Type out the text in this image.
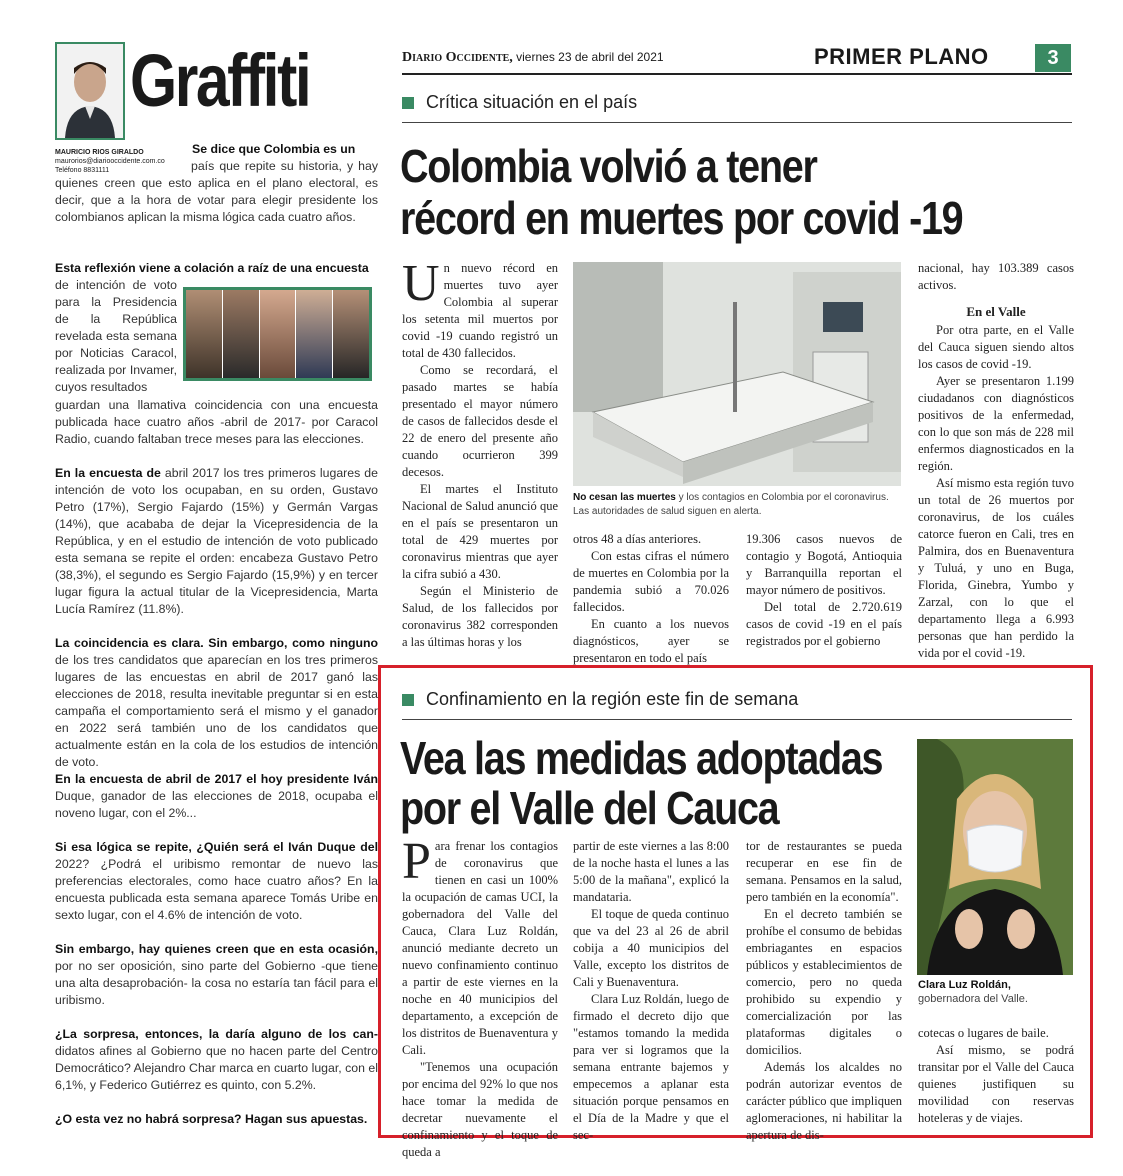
Graffiti
MAURICIO RIOS GIRALDO
maurorios@diariooccidente.com.co
Teléfono 8831111
Se dice que Colombia es un
país que repite su historia, y hay quienes creen que esto aplica en el plano electoral, es decir, que a la hora de votar para elegir presidente los colombianos aplican la misma lógica cada cuatro años.
Esta reflexión viene a colación a raíz de una encuesta
de intención de voto para la Presidencia de la República revelada esta semana por Noticias Caracol, realizada por Invamer, cuyos resultados
guardan una llamativa coincidencia con una encuesta publicada hace cuatro años -abril de 2017- por Caracol Radio, cuando faltaban trece meses para las elecciones.
En la encuesta de abril 2017 los tres primeros lugares de intención de voto los ocupaban, en su orden, Gustavo Petro (17%), Sergio Fajardo (15%) y Germán Vargas (14%), que acababa de dejar la Vicepresidencia de la República, y en el estudio de intención de voto publicado esta semana se repite el orden: encabeza Gustavo Petro (38,3%), el segundo es Sergio Fajardo (15,9%) y en tercer lugar figura la actual titular de la Vicepresidencia, Marta Lucía Ramírez (11.8%).
La coincidencia es clara. Sin embargo, como ninguno de los tres candidatos que aparecían en los tres primeros lugares de las encuestas en abril de 2017 ganó las elecciones de 2018, resulta inevitable preguntar si en esta campaña el comportamiento será el mismo y el ganador en 2022 será también uno de los candidatos que actualmente están en la cola de los estudios de intención de voto.
En la encuesta de abril de 2017 el hoy presidente Iván Duque, ganador de las elecciones de 2018, ocupaba el noveno lugar, con el 2%...
Si esa lógica se repite, ¿Quién será el Iván Duque del 2022? ¿Podrá el uribismo remontar de nuevo las preferencias electorales, como hace cuatro años? En la encuesta publicada esta semana aparece Tomás Uribe en sexto lugar, con el 4.6% de intención de voto.
Sin embargo, hay quienes creen que en esta ocasión, por no ser oposición, sino parte del Gobierno -que tiene una alta desaprobación- la cosa no estaría tan fácil para el uribismo.
¿La sorpresa, entonces, la daría alguno de los can- didatos afines al Gobierno que no hacen parte del Centro Democrático? Alejandro Char marca en cuarto lugar, con el 6,1%, y Federico Gutiérrez es quinto, con 5.2%.
¿O esta vez no habrá sorpresa? Hagan sus apuestas.
Diario Occidente, viernes 23 de abril del 2021	PRIMER PLANO	3
Crítica situación en el país
Colombia volvió a tener
récord en muertes por covid -19
Un nuevo récord en muertes tuvo ayer Colombia al superar los setenta mil muertos por covid -19 cuando registró un total de 430 fallecidos.

Como se recordará, el pasado martes se había presentado el mayor número de casos de fallecidos desde el 22 de enero del presente año cuando ocurrieron 399 decesos.

El martes el Instituto Nacional de Salud anunció que en el país se presentaron un total de 429 muertes por coronavirus mientras que ayer la cifra subió a 430.

Según el Ministerio de Salud, de los fallecidos por coronavirus 382 corresponden a las últimas horas y los

No cesan las muertes y los contagios en Colombia por el coronavirus. Las autoridades de salud siguen en alerta.

otros 48 a días anteriores.

Con estas cifras el número de muertes en Colombia por la pandemia subió a 70.026 fallecidos.

En cuanto a los nuevos diagnósticos, ayer se presentaron en todo el país

19.306 casos nuevos de contagio y Bogotá, Antioquia y Barranquilla reportan el mayor número de positivos.

Del total de 2.720.619 casos de covid -19 en el país registrados por el gobierno

nacional, hay 103.389 casos activos.

En el Valle

Por otra parte, en el Valle del Cauca siguen siendo altos los casos de covid -19.

Ayer se presentaron 1.199 ciudadanos con diagnósticos positivos de la enfermedad, con lo que son más de 228 mil enfermos diagnosticados en la región.

Así mismo esta región tuvo un total de 26 muertos por coronavirus, de los cuáles catorce fueron en Cali, tres en Palmira, dos en Buenaventura y Tuluá, y uno en Buga, Florida, Ginebra, Yumbo y Zarzal, con lo que el departamento llega a 6.993 personas que han perdido la vida por el covid -19.

Confinamiento en la región este fin de semana
Vea las medidas adoptadas
por el Valle del Cauca
Para frenar los contagios de coronavirus que tienen en casi un 100% la ocupación de camas UCI, la gobernadora del Valle del Cauca, Clara Luz Roldán, anunció mediante decreto un nuevo confinamiento continuo a partir de este viernes en la noche en 40 municipios del departamento, a excepción de los distritos de Buenaventura y Cali.

"Tenemos una ocupación por encima del 92% lo que nos hace tomar la medida de decretar nuevamente el confinamiento y el toque de queda a

partir de este viernes a las 8:00 de la noche hasta el lunes a las 5:00 de la mañana", explicó la mandataria.

El toque de queda continuo que va del 23 al 26 de abril cobija a 40 municipios del Valle, excepto los distritos de Cali y Buenaventura.

Clara Luz Roldán, luego de firmado el decreto dijo que "estamos tomando la medida para ver si logramos que la semana entrante bajemos y empecemos a aplanar esta situación porque pensamos en el Día de la Madre y que el sec-

tor de restaurantes se pueda recuperar en ese fin de semana. Pensamos en la salud, pero también en la economía".

En el decreto también se prohíbe el consumo de bebidas embriagantes en espacios públicos y establecimientos de comercio, pero no queda prohibido su expendio y comercialización por las plataformas digitales o domicilios.

Además los alcaldes no podrán autorizar eventos de carácter público que impliquen aglomeraciones, ni habilitar la apertura de dis-

Clara Luz Roldán, gobernadora del Valle.

cotecas o lugares de baile.

Así mismo, se podrá transitar por el Valle del Cauca quienes justifiquen su movilidad con reservas hoteleras y de viajes.
